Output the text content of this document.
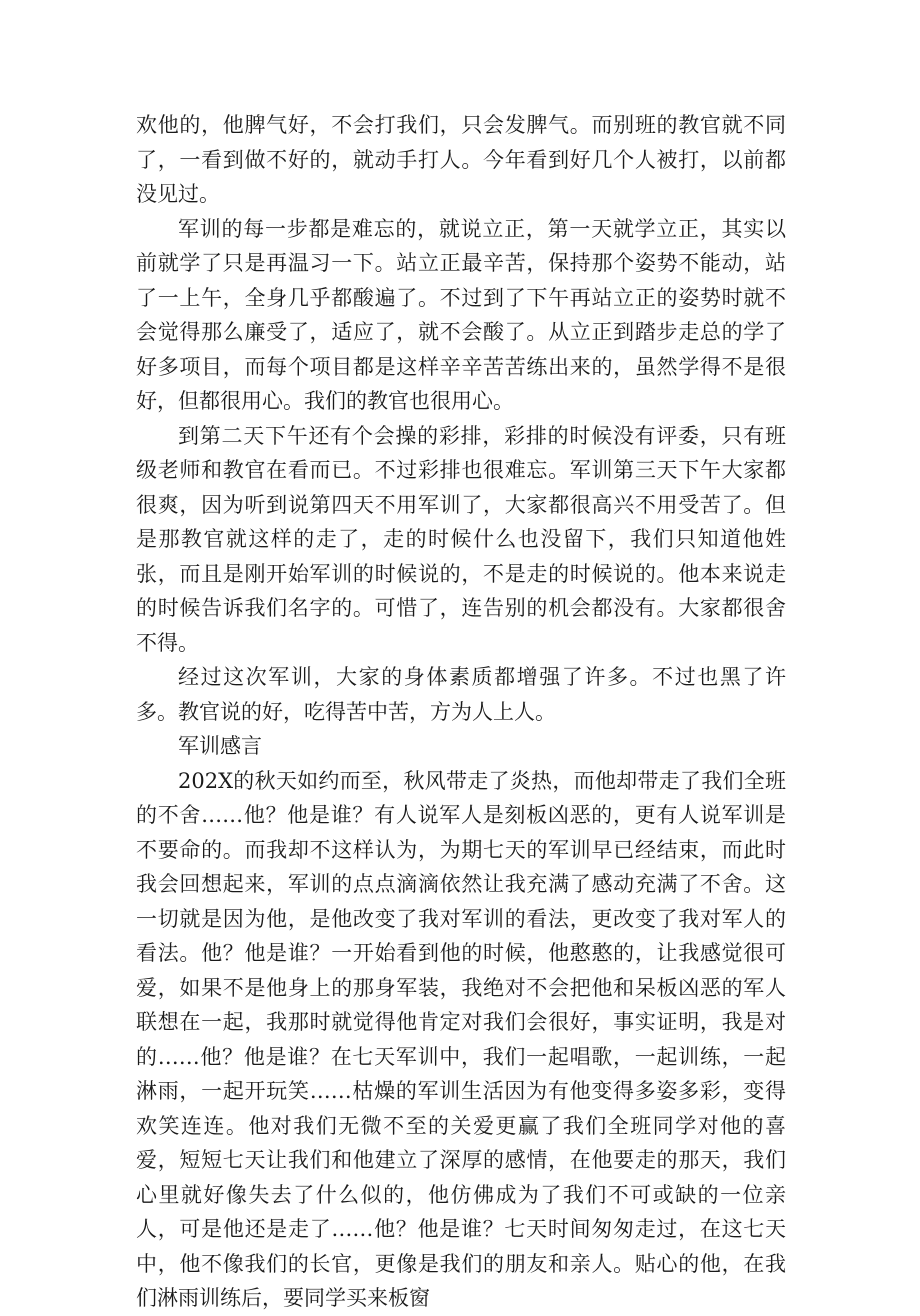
欢他的，他脾气好，不会打我们，只会发脾气。而别班的教官就不同了，一看到做不好的，就动手打人。今年看到好几个人被打，以前都没见过。

军训的每一步都是难忘的，就说立正，第一天就学立正，其实以前就学了只是再温习一下。站立正最辛苦，保持那个姿势不能动，站了一上午，全身几乎都酸遍了。不过到了下午再站立正的姿势时就不会觉得那么廉受了，适应了，就不会酸了。从立正到踏步走总的学了好多项目，而每个项目都是这样辛辛苦苦练出来的，虽然学得不是很好，但都很用心。我们的教官也很用心。

到第二天下午还有个会操的彩排，彩排的时候没有评委，只有班级老师和教官在看而已。不过彩排也很难忘。军训第三天下午大家都很爽，因为听到说第四天不用军训了，大家都很高兴不用受苦了。但是那教官就这样的走了，走的时候什么也没留下，我们只知道他姓张，而且是刚开始军训的时候说的，不是走的时候说的。他本来说走的时候告诉我们名字的。可惜了，连告别的机会都没有。大家都很舍不得。

经过这次军训，大家的身体素质都增强了许多。不过也黑了许多。教官说的好，吃得苦中苦，方为人上人。

军训感言

202X的秋天如约而至，秋风带走了炎热，而他却带走了我们全班的不舍……他？他是谁？有人说军人是刻板凶恶的，更有人说军训是不要命的。而我却不这样认为，为期七天的军训早已经结束，而此时我会回想起来，军训的点点滴滴依然让我充满了感动充满了不舍。这一切就是因为他，是他改变了我对军训的看法，更改变了我对军人的看法。他？他是谁？一开始看到他的时候，他憨憨的，让我感觉很可爱，如果不是他身上的那身军装，我绝对不会把他和呆板凶恶的军人联想在一起，我那时就觉得他肯定对我们会很好，事实证明，我是对的……他？他是谁？在七天军训中，我们一起唱歌，一起训练，一起淋雨，一起开玩笑……枯燥的军训生活因为有他变得多姿多彩，变得欢笑连连。他对我们无微不至的关爱更赢了我们全班同学对他的喜爱，短短七天让我们和他建立了深厚的感情，在他要走的那天，我们心里就好像失去了什么似的，他仿佛成为了我们不可或缺的一位亲人，可是他还是走了……他？他是谁？七天时间匆匆走过，在这七天中，他不像我们的长官，更像是我们的朋友和亲人。贴心的他，在我们淋雨训练后，要同学买来板窗
